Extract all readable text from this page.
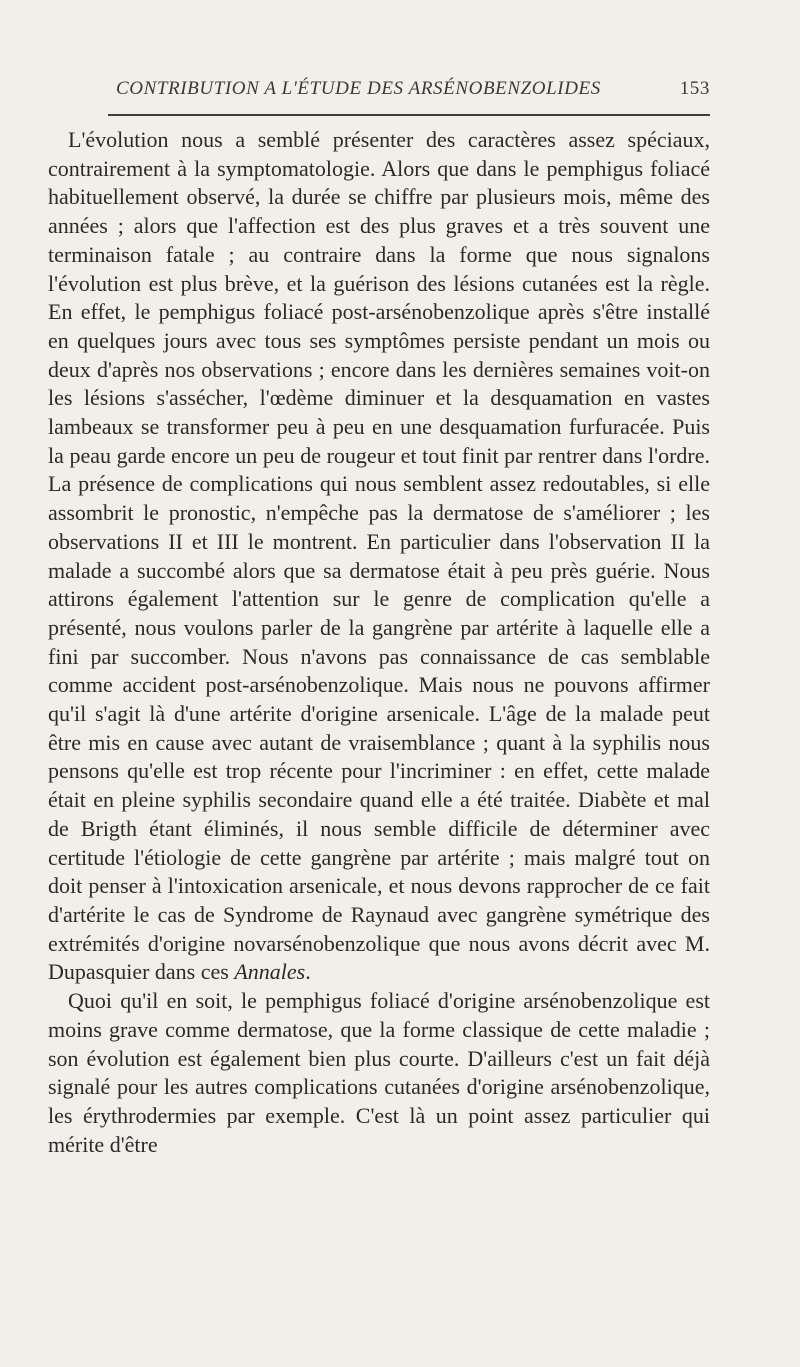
CONTRIBUTION A L'ÉTUDE DES ARSÉNOBENZOLIDES	153

L'évolution nous a semblé présenter des caractères assez spéciaux, contrairement à la symptomatologie. Alors que dans le pemphigus foliacé habituellement observé, la durée se chiffre par plusieurs mois, même des années ; alors que l'affection est des plus graves et a très souvent une terminaison fatale ; au contraire dans la forme que nous signalons l'évolution est plus brève, et la guérison des lésions cutanées est la règle. En effet, le pemphigus foliacé post-arsénobenzolique après s'être installé en quelques jours avec tous ses symptômes persiste pendant un mois ou deux d'après nos observations ; encore dans les dernières semaines voit-on les lésions s'assécher, l'œdème diminuer et la desquamation en vastes lambeaux se transformer peu à peu en une desquamation furfuracée. Puis la peau garde encore un peu de rougeur et tout finit par rentrer dans l'ordre. La présence de complications qui nous semblent assez redoutables, si elle assombrit le pronostic, n'empêche pas la dermatose de s'améliorer ; les observations II et III le montrent. En particulier dans l'observation II la malade a succombé alors que sa dermatose était à peu près guérie. Nous attirons également l'attention sur le genre de complication qu'elle a présenté, nous voulons parler de la gangrène par artérite à laquelle elle a fini par succomber. Nous n'avons pas connaissance de cas semblable comme accident post-arsénobenzolique. Mais nous ne pouvons affirmer qu'il s'agit là d'une artérite d'origine arsenicale. L'âge de la malade peut être mis en cause avec autant de vraisemblance ; quant à la syphilis nous pensons qu'elle est trop récente pour l'incriminer : en effet, cette malade était en pleine syphilis secondaire quand elle a été traitée. Diabète et mal de Brigth étant éliminés, il nous semble difficile de déterminer avec certitude l'étiologie de cette gangrène par artérite ; mais malgré tout on doit penser à l'intoxication arsenicale, et nous devons rapprocher de ce fait d'artérite le cas de Syndrome de Raynaud avec gangrène symétrique des extrémités d'origine novarsénobenzolique que nous avons décrit avec M. Dupasquier dans ces Annales.

Quoi qu'il en soit, le pemphigus foliacé d'origine arsénobenzolique est moins grave comme dermatose, que la forme classique de cette maladie ; son évolution est également bien plus courte. D'ailleurs c'est un fait déjà signalé pour les autres complications cutanées d'origine arsénobenzolique, les érythrodermies par exemple. C'est là un point assez particulier qui mérite d'être
